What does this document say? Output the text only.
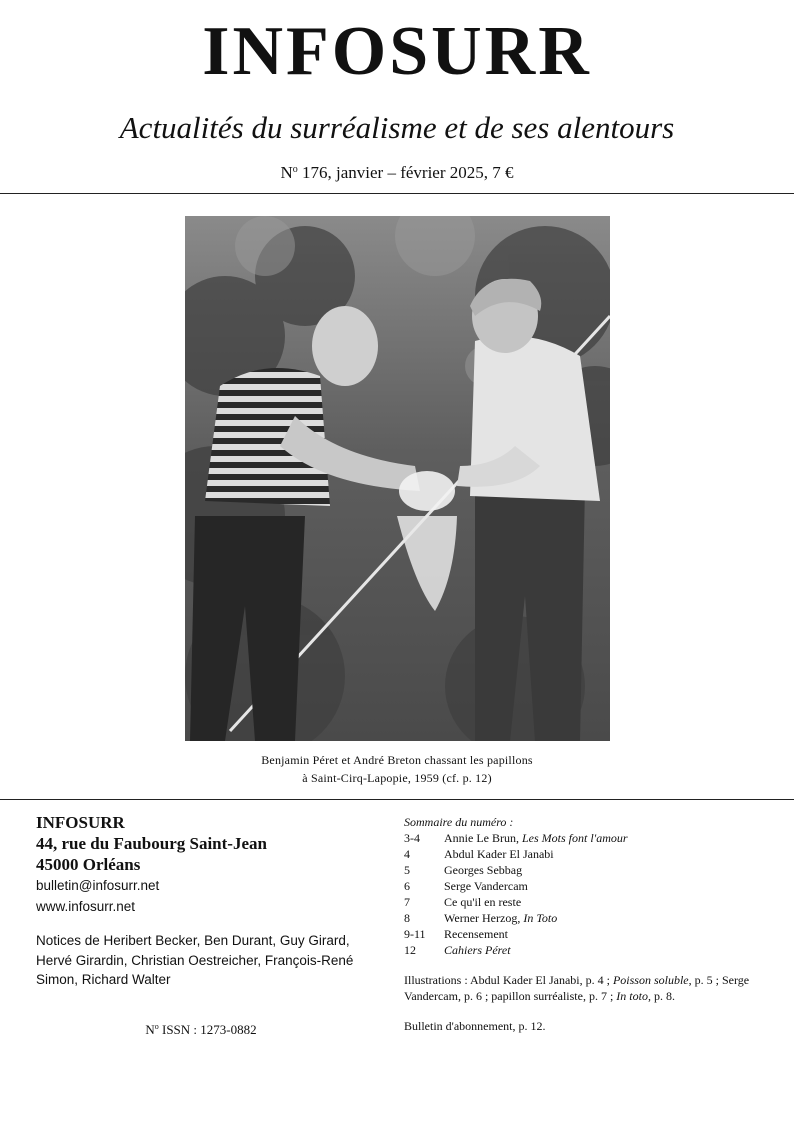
INFOSURR
Actualités du surréalisme et de ses alentours
$N^o$ 176, janvier – février 2025, 7 €
Benjamin Péret et André Breton chassant les papillons
à Saint-Cirq-Lapopie, 1959 (cf. p. 12)
INFOSURR
44, rue du Faubourg Saint-Jean
45000 Orléans
bulletin@infosurr.net
www.infosurr.net
Notices de Heribert Becker, Ben Durant, Guy Girard, Hervé Girardin, Christian Oestreicher, François-René Simon, Richard Walter
$N^o$ ISSN : 1273-0882
Sommaire du numéro :
3-4	Annie Le Brun, Les Mots font l'amour
4	Abdul Kader El Janabi
5	Georges Sebbag
6	Serge Vandercam
7	Ce qu'il en reste
8	Werner Herzog, In Toto
9-11	Recensement
12	Cahiers Péret
Illustrations : Abdul Kader El Janabi, p. 4 ; Poisson soluble, p. 5 ; Serge Vandercam, p. 6 ; papillon surréaliste, p. 7 ; In toto, p. 8.
Bulletin d'abonnement, p. 12.
